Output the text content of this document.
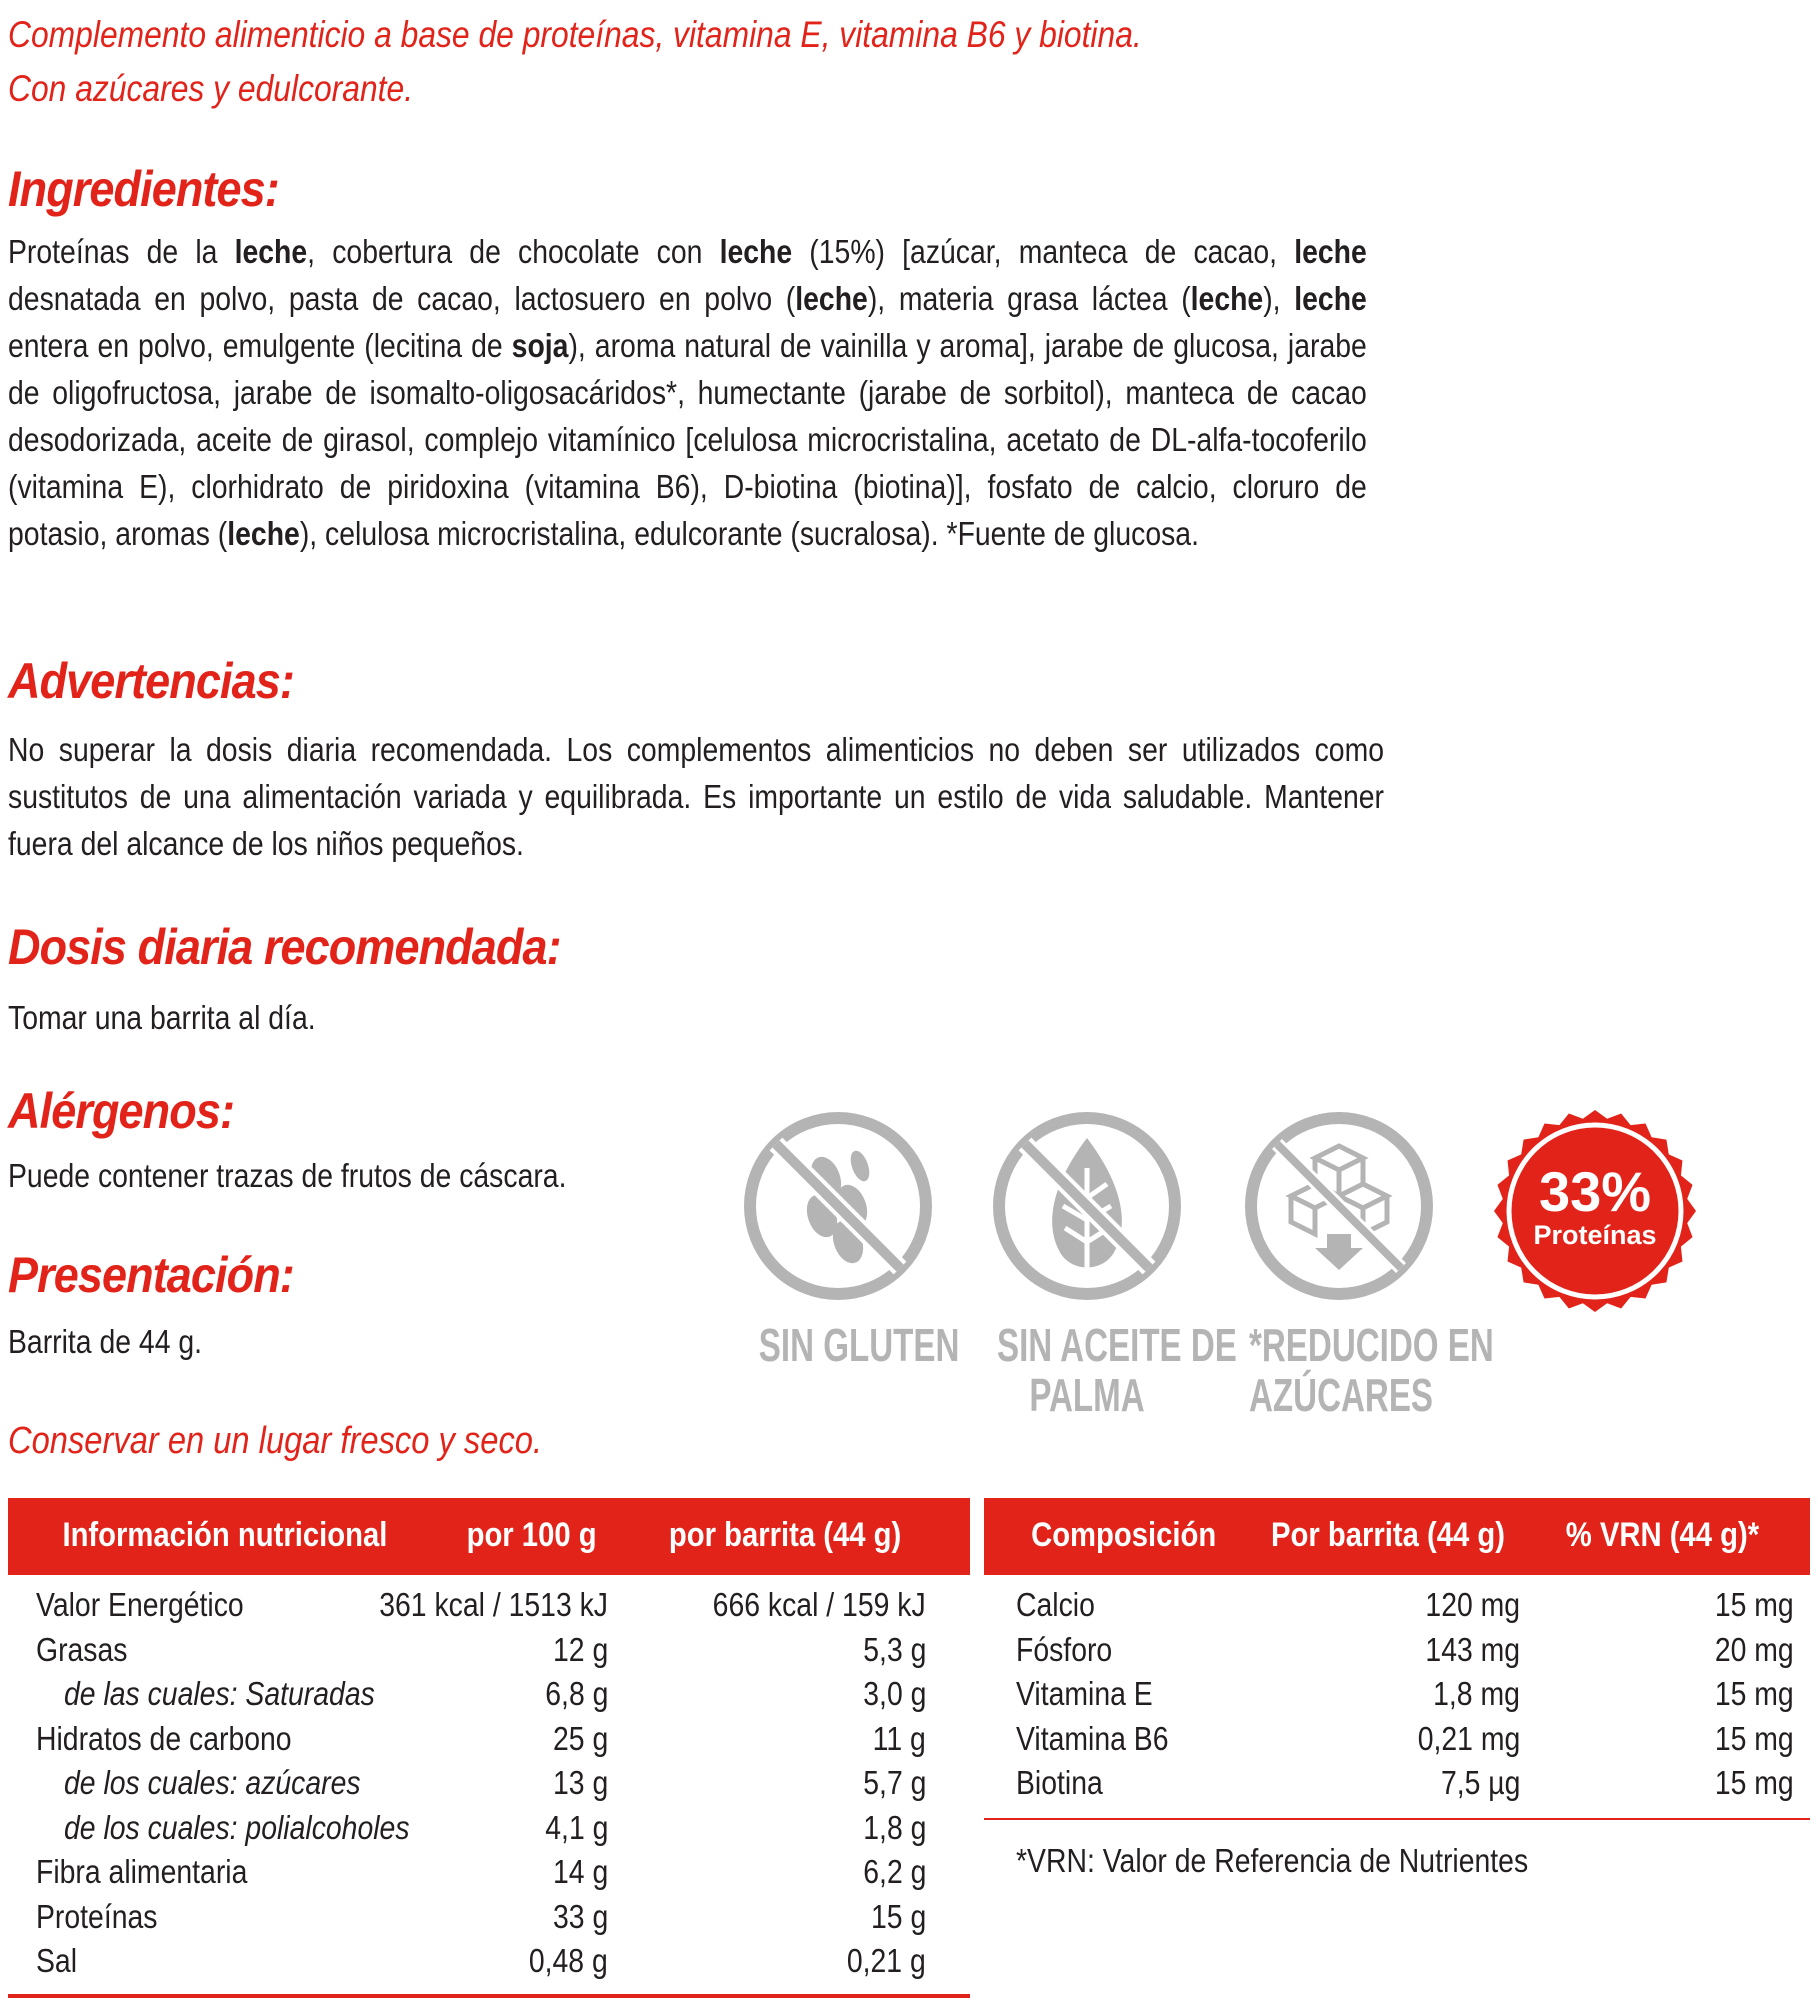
Complemento alimenticio a base de proteínas, vitamina E, vitamina B6 y biotina.
Con azúcares y edulcorante.
Ingredientes:

Proteínas de la leche, cobertura de chocolate con leche (15%) [azúcar, manteca de cacao, leche desnatada en polvo, pasta de cacao, lactosuero en polvo (leche), materia grasa láctea (leche), leche entera en polvo, emulgente (lecitina de soja), aroma natural de vainilla y aroma], jarabe de glucosa, jarabe de oligofructosa, jarabe de isomalto-oligosacáridos*, humectante (jarabe de sorbitol), manteca de cacao desodorizada, aceite de girasol, complejo vitamínico [celulosa microcristalina, acetato de DL-alfa-tocoferilo (vitamina E), clorhidrato de piridoxina (vitamina B6), D-biotina (biotina)], fosfato de calcio, cloruro de potasio, aromas (leche), celulosa microcristalina, edulcorante (sucralosa). *Fuente de glucosa.

Advertencias:

No superar la dosis diaria recomendada. Los complementos alimenticios no deben ser utilizados como sustitutos de una alimentación variada y equilibrada. Es importante un estilo de vida saludable. Mantener fuera del alcance de los niños pequeños.

Dosis diaria recomendada:

Tomar una barrita al día.

Alérgenos:

Puede contener trazas de frutos de cáscara.

Presentación:

Barrita de 44 g.	SIN GLUTEN SIN ACEITE DE
PALMA
*REDUCIDO EN
AZÚCARES
33%
Proteínas
Conservar en un lugar fresco y seco.
Información nutricional	por 100 g	por barrita (44 g)
Valor Energético	361 kcal / 1513 kJ	666 kcal / 159 kJ
Grasas	12 g	5,3 g
de las cuales: Saturadas	6,8 g	3,0 g
Hidratos de carbono	25 g	11 g
de los cuales: azúcares	13 g	5,7 g
de los cuales: polialcoholes	4,1 g	1,8 g
Fibra alimentaria	14 g	6,2 g
Proteínas	33 g	15 g
Sal	0,48 g	0,21 g
Composición	Por barrita (44 g)	% VRN (44 g)*
Calcio	120 mg	15 mg
Fósforo	143 mg	20 mg
Vitamina E	1,8 mg	15 mg
Vitamina B6	0,21 mg	15 mg
Biotina	7,5 µg	15 mg
*VRN: Valor de Referencia de Nutrientes
